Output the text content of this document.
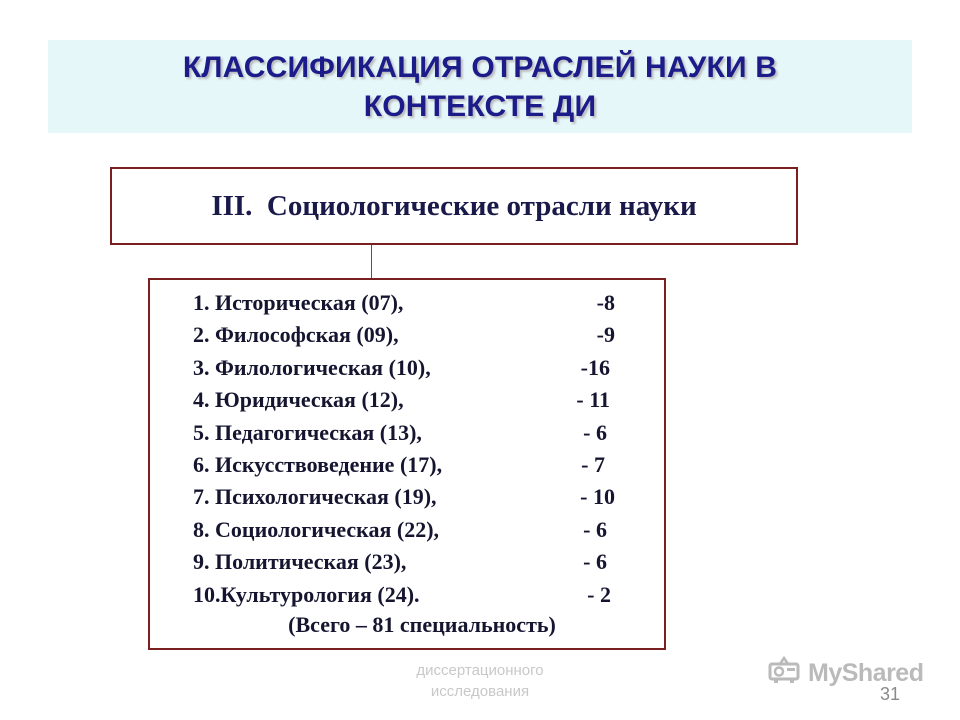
КЛАССИФИКАЦИЯ ОТРАСЛЕЙ НАУКИ В
КОНТЕКСТЕ ДИ
III.  Социологические отрасли науки
1. Историческая (07),	-8
2. Философская (09),	-9
3. Филологическая (10),	-16
4. Юридическая (12),	- 11
5. Педагогическая (13),	- 6
6. Искусствоведение (17),	- 7
7. Психологическая (19),	- 10
8. Социологическая (22),	- 6
9. Политическая (23),	- 6
10.Культурология (24).	- 2
(Всего – 81 специальность)
диссертационного
исследования
MyShared
31
